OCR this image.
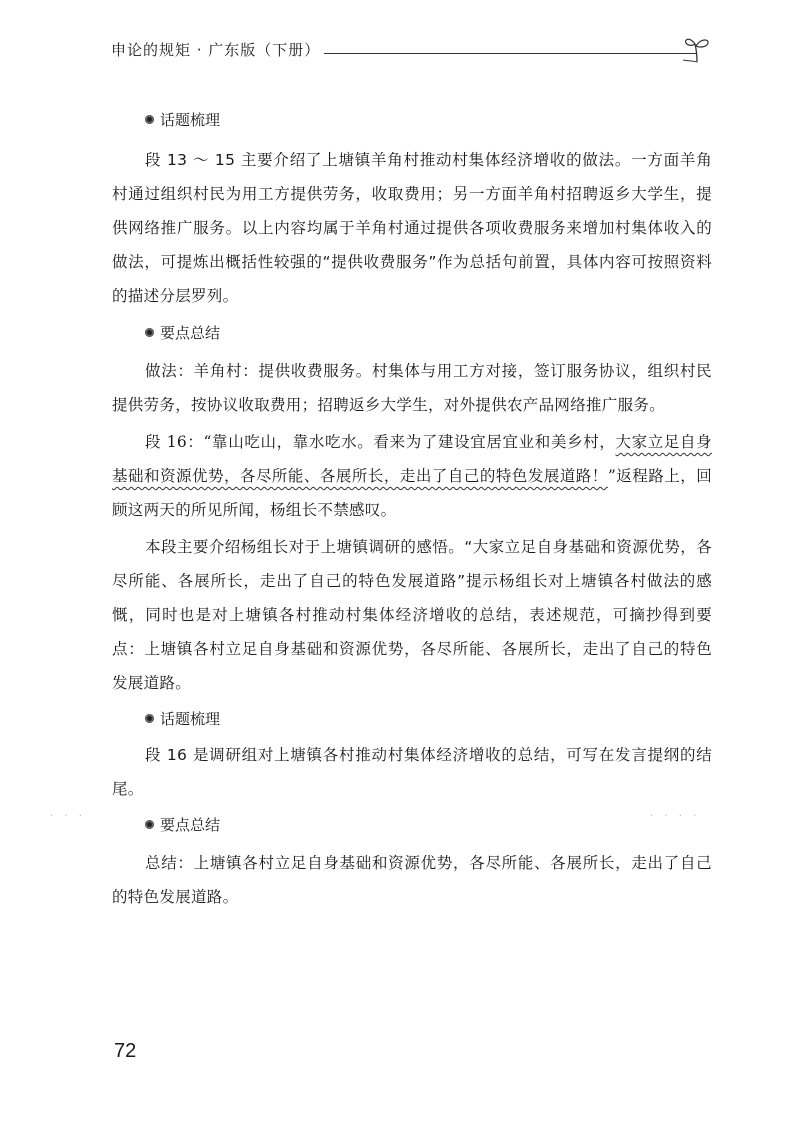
申论的规矩 · 广东版（下册）
话题梳理

段 13 ～ 15 主要介绍了上塘镇羊角村推动村集体经济增收的做法。一方面羊角村通过组织村民为用工方提供劳务，收取费用；另一方面羊角村招聘返乡大学生，提供网络推广服务。以上内容均属于羊角村通过提供各项收费服务来增加村集体收入的做法，可提炼出概括性较强的“提供收费服务”作为总括句前置，具体内容可按照资料的描述分层罗列。

要点总结

做法：羊角村：提供收费服务。村集体与用工方对接，签订服务协议，组织村民提供劳务，按协议收取费用；招聘返乡大学生，对外提供农产品网络推广服务。

段 16：“靠山吃山，靠水吃水。看来为了建设宜居宜业和美乡村，大家立足自身基础和资源优势，各尽所能、各展所长，走出了自己的特色发展道路！”返程路上，回顾这两天的所见所闻，杨组长不禁感叹。

本段主要介绍杨组长对于上塘镇调研的感悟。“大家立足自身基础和资源优势，各尽所能、各展所长，走出了自己的特色发展道路”提示杨组长对上塘镇各村做法的感慨，同时也是对上塘镇各村推动村集体经济增收的总结，表述规范，可摘抄得到要点：上塘镇各村立足自身基础和资源优势，各尽所能、各展所长，走出了自己的特色发展道路。

话题梳理

段 16 是调研组对上塘镇各村推动村集体经济增收的总结，可写在发言提纲的结尾。

要点总结

总结：上塘镇各村立足自身基础和资源优势，各尽所能、各展所长，走出了自己的特色发展道路。

· · ·	· · · ·
72
